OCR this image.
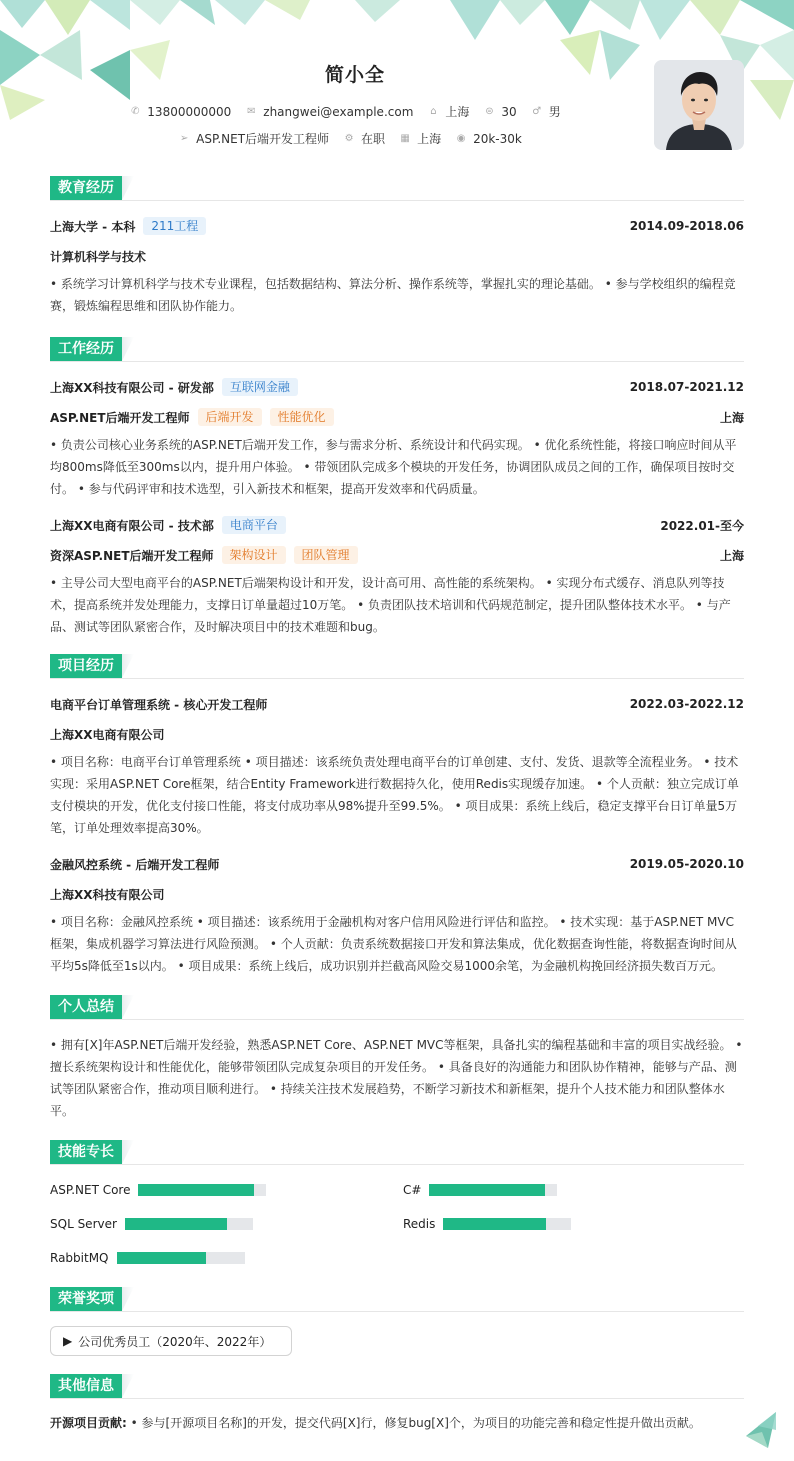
简小全
✆ 13800000000 ✉ zhangwei@example.com ⌂ 上海 ⊜ 30 ♂ 男
➢ ASP.NET后端开发工程师 ⚙ 在职 ▦ 上海 ◉ 20k-30k
教育经历
上海大学 - 本科	211工程	2014.09-2018.06
计算机科学与技术
• 系统学习计算机科学与技术专业课程，包括数据结构、算法分析、操作系统等，掌握扎实的理论基础。 • 参与学校组织的编程竞赛，锻炼编程思维和团队协作能力。
工作经历
上海XX科技有限公司 - 研发部	互联网金融	2018.07-2021.12
ASP.NET后端开发工程师	后端开发	性能优化	上海
• 负责公司核心业务系统的ASP.NET后端开发工作，参与需求分析、系统设计和代码实现。 • 优化系统性能，将接口响应时间从平均800ms降低至300ms以内，提升用户体验。 • 带领团队完成多个模块的开发任务，协调团队成员之间的工作，确保项目按时交付。 • 参与代码评审和技术选型，引入新技术和框架，提高开发效率和代码质量。
上海XX电商有限公司 - 技术部	电商平台	2022.01-至今
资深ASP.NET后端开发工程师	架构设计	团队管理	上海
• 主导公司大型电商平台的ASP.NET后端架构设计和开发，设计高可用、高性能的系统架构。 • 实现分布式缓存、消息队列等技术，提高系统并发处理能力，支撑日订单量超过10万笔。 • 负责团队技术培训和代码规范制定，提升团队整体技术水平。 • 与产品、测试等团队紧密合作，及时解决项目中的技术难题和bug。
项目经历
电商平台订单管理系统 - 核心开发工程师	2022.03-2022.12
上海XX电商有限公司
• 项目名称：电商平台订单管理系统 • 项目描述：该系统负责处理电商平台的订单创建、支付、发货、退款等全流程业务。 • 技术实现：采用ASP.NET Core框架，结合Entity Framework进行数据持久化，使用Redis实现缓存加速。 • 个人贡献：独立完成订单支付模块的开发，优化支付接口性能，将支付成功率从98%提升至99.5%。 • 项目成果：系统上线后，稳定支撑平台日订单量5万笔，订单处理效率提高30%。
金融风控系统 - 后端开发工程师	2019.05-2020.10
上海XX科技有限公司
• 项目名称：金融风控系统 • 项目描述：该系统用于金融机构对客户信用风险进行评估和监控。 • 技术实现：基于ASP.NET MVC框架，集成机器学习算法进行风险预测。 • 个人贡献：负责系统数据接口开发和算法集成，优化数据查询性能，将数据查询时间从平均5s降低至1s以内。 • 项目成果：系统上线后，成功识别并拦截高风险交易1000余笔，为金融机构挽回经济损失数百万元。
个人总结
• 拥有[X]年ASP.NET后端开发经验，熟悉ASP.NET Core、ASP.NET MVC等框架，具备扎实的编程基础和丰富的项目实战经验。 • 擅长系统架构设计和性能优化，能够带领团队完成复杂项目的开发任务。 • 具备良好的沟通能力和团队协作精神，能够与产品、测试等团队紧密合作，推动项目顺利进行。 • 持续关注技术发展趋势，不断学习新技术和新框架，提升个人技术能力和团队整体水平。
技能专长
ASP.NET Core	C#
SQL Server	Redis
RabbitMQ
荣誉奖项
▶ 公司优秀员工（2020年、2022年）
其他信息
开源项目贡献: • 参与[开源项目名称]的开发，提交代码[X]行，修复bug[X]个，为项目的功能完善和稳定性提升做出贡献。
